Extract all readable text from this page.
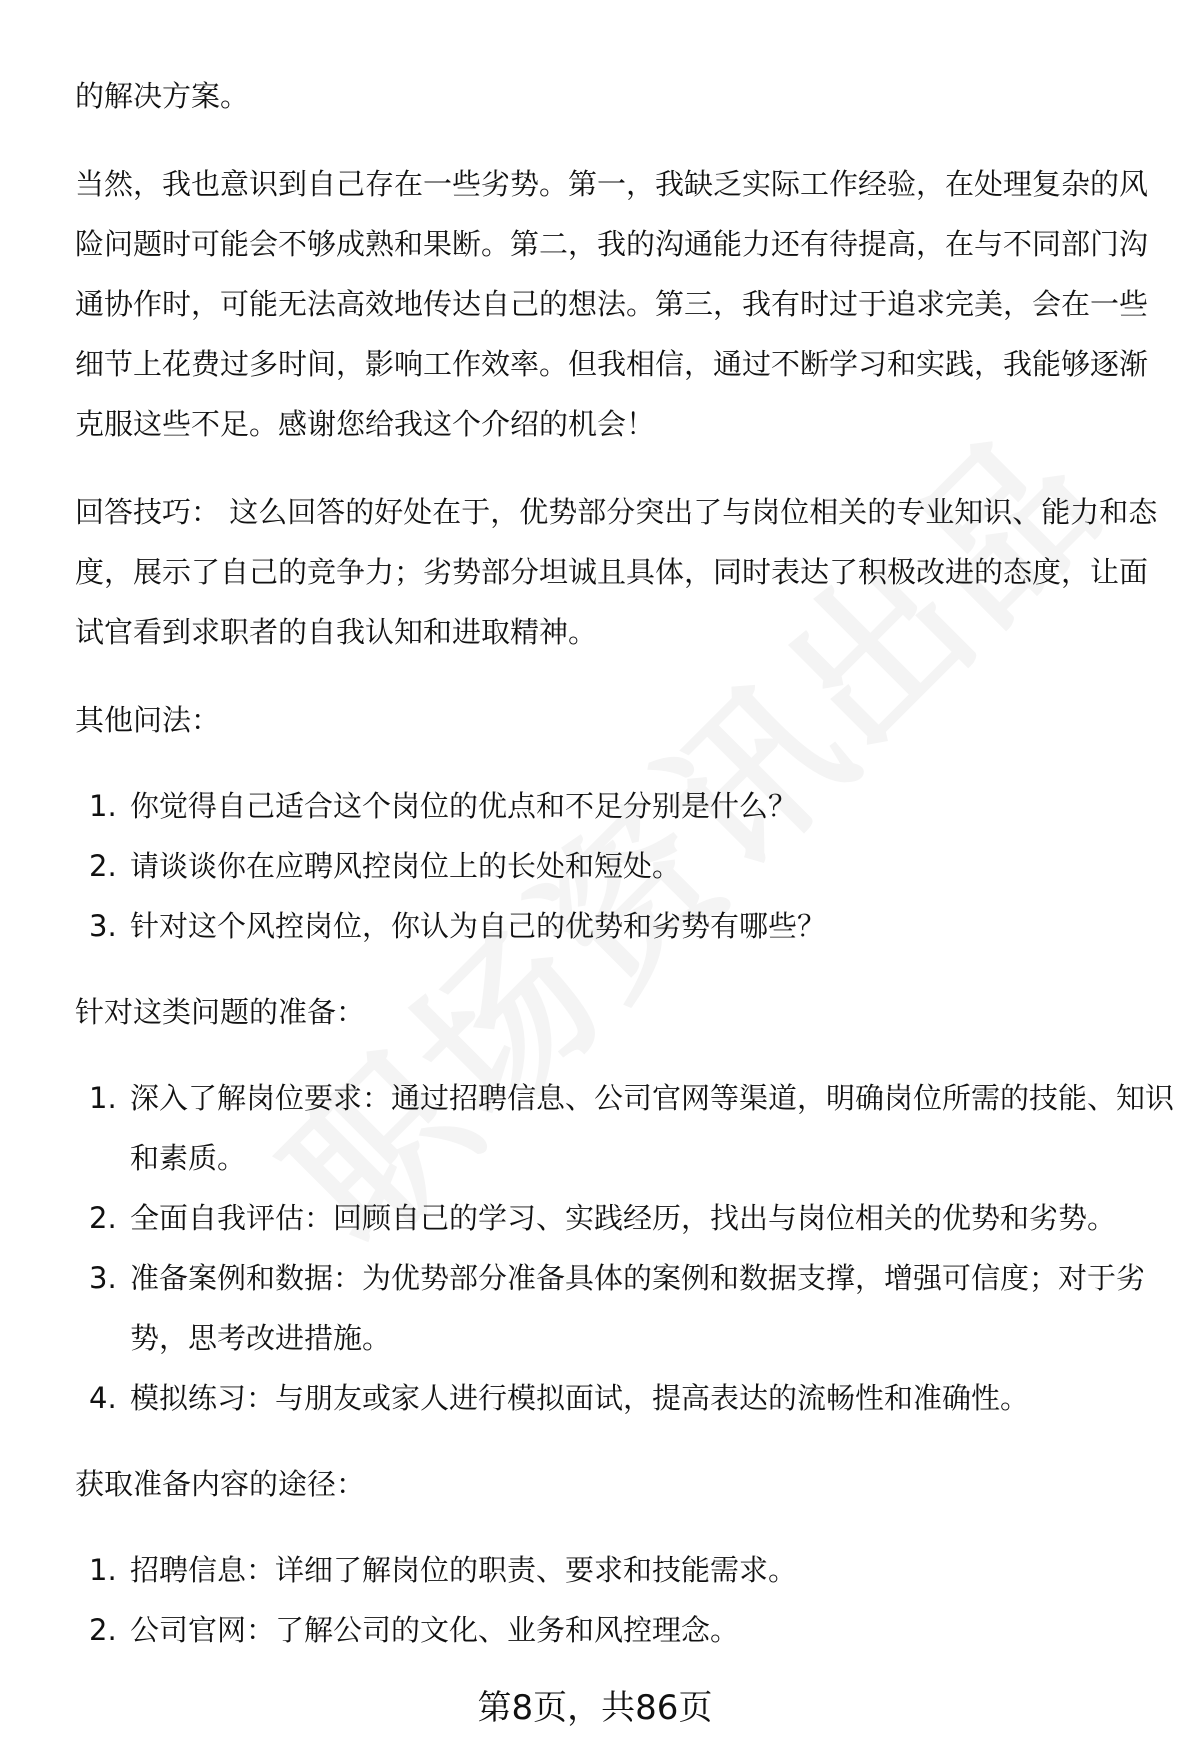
的解决方案。

当然，我也意识到自己存在一些劣势。第一，我缺乏实际工作经验，在处理复杂的风险问题时可能会不够成熟和果断。第二，我的沟通能力还有待提高，在与不同部门沟通协作时，可能无法高效地传达自己的想法。第三，我有时过于追求完美，会在一些细节上花费过多时间，影响工作效率。但我相信，通过不断学习和实践，我能够逐渐克服这些不足。感谢您给我这个介绍的机会！

回答技巧： 这么回答的好处在于，优势部分突出了与岗位相关的专业知识、能力和态度，展示了自己的竞争力；劣势部分坦诚且具体，同时表达了积极改进的态度，让面试官看到求职者的自我认知和进取精神。

其他问法：

1. 你觉得自己适合这个岗位的优点和不足分别是什么？
2. 请谈谈你在应聘风控岗位上的长处和短处。
3. 针对这个风控岗位，你认为自己的优势和劣势有哪些？

针对这类问题的准备：

1. 深入了解岗位要求：通过招聘信息、公司官网等渠道，明确岗位所需的技能、知识和素质。
2. 全面自我评估：回顾自己的学习、实践经历，找出与岗位相关的优势和劣势。
3. 准备案例和数据：为优势部分准备具体的案例和数据支撑，增强可信度；对于劣势，思考改进措施。
4. 模拟练习：与朋友或家人进行模拟面试，提高表达的流畅性和准确性。

获取准备内容的途径：

1. 招聘信息：详细了解岗位的职责、要求和技能需求。
2. 公司官网：了解公司的文化、业务和风控理念。
第8页，共86页
